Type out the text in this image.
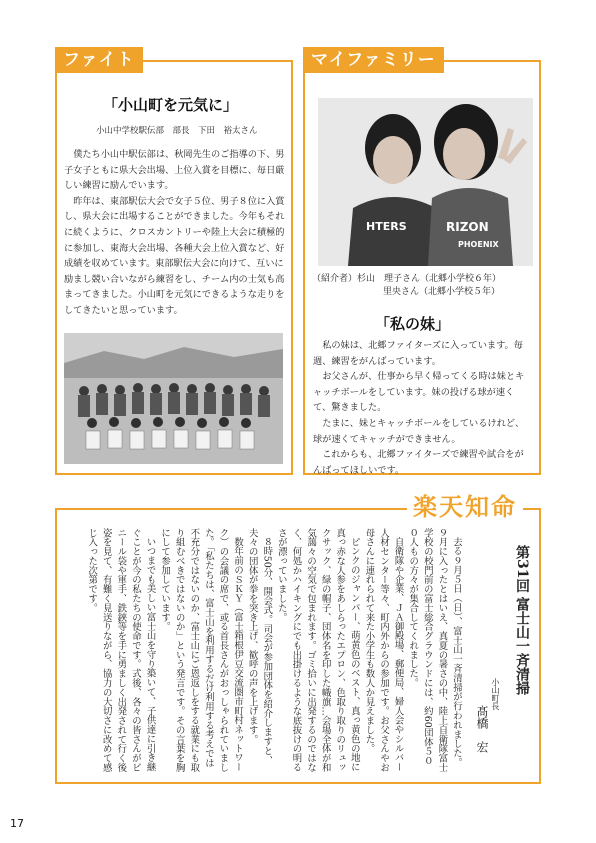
ファイト
「小山町を元気に」
小山中学校駅伝部　部長　下田　裕太さん

僕たち小山中駅伝部は、秋岡先生のご指導の下、男子女子ともに県大会出場、上位入賞を目標に、毎日厳しい練習に励んでいます。

昨年は、東部駅伝大会で女子５位、男子８位に入賞し、県大会に出場することができました。今年もそれに続くように、クロスカントリーや陸上大会に積極的に参加し、東海大会出場、各種大会上位入賞など、好成績を収めています。東部駅伝大会に向けて、互いに励まし競い合いながら練習をし、チーム内の士気も高まってきました。小山町を元気にできるような走りをしてきたいと思っています。

マイファミリー
HTERS	RIZON
PHOENIX
（紹介者）杉山　理子さん（北郷小学校６年）
里央さん（北郷小学校５年）
「私の妹」

私の妹は、北郷ファイターズに入っています。毎週、練習をがんばっています。

お父さんが、仕事から早く帰ってくる時は妹とキャッチボールをしています。妹の投げる球が速くて、驚きました。

たまに、妹とキャッチボールをしているけれど、球が速くてキャッチができません。

これからも、北郷ファイターズで練習や試合をがんばってほしいです。

楽天知命
第31回 富士山一斉清掃
小山町長
髙橋　宏

去る９月５日（日）、富士山一斉清掃が行われました。９月に入ったとはいえ、真夏の暑さの中、陸上自衛隊富士学校の校門前の富士総合グラウンドには、約60団体５００人もの方々が集合してくれました。

自衛隊や企業、ＪＡ御殿場、郵便局、婦人会やシルバー人材センター等々、町内外からの参加です。お父さんやお母さんに連れられて来た小学生も数人か見えました。

ピンクのジャンパー、萌黄色のベスト、真っ黄色の地に真っ赤な人参をあしらったエプロン、色取り取りのリュックサック、緑の帽子、団体名を印した幟旗…会場全体が和気藹々の空気で包まれます。ゴミ拾いに出発するのではなく、何処かハイキングにでも出掛けるような底抜けの明るさが漂っていました。

８時50分、開会式。司会が参加団体を紹介しますと、夫々の団体が拳を突き上げ、歓呼の声を上げます。

数年前のＳＫＹ（富士箱根伊豆交流圏市町村ネットワーク）の会議の席で、或る首長さんがおっしゃられていました。「私たちは、富士山を利用するだけ利用する考えでは不充分ではないのか、富士山にご恩返しをする就業にも取り組むべきではないのか」という発言です。その言葉を胸にして参加しています。

いつまでも美しい富士山を守り築いて、子供達に引き継ぐことが今の私たちの使命です。式後、各々の皆さんがビニール袋や軍手、鉄鋏等を手に勇ましく出発されて行く後姿を見て、有難く見送りながら、協力の大切さに改めて感じ入った次第です。

17
